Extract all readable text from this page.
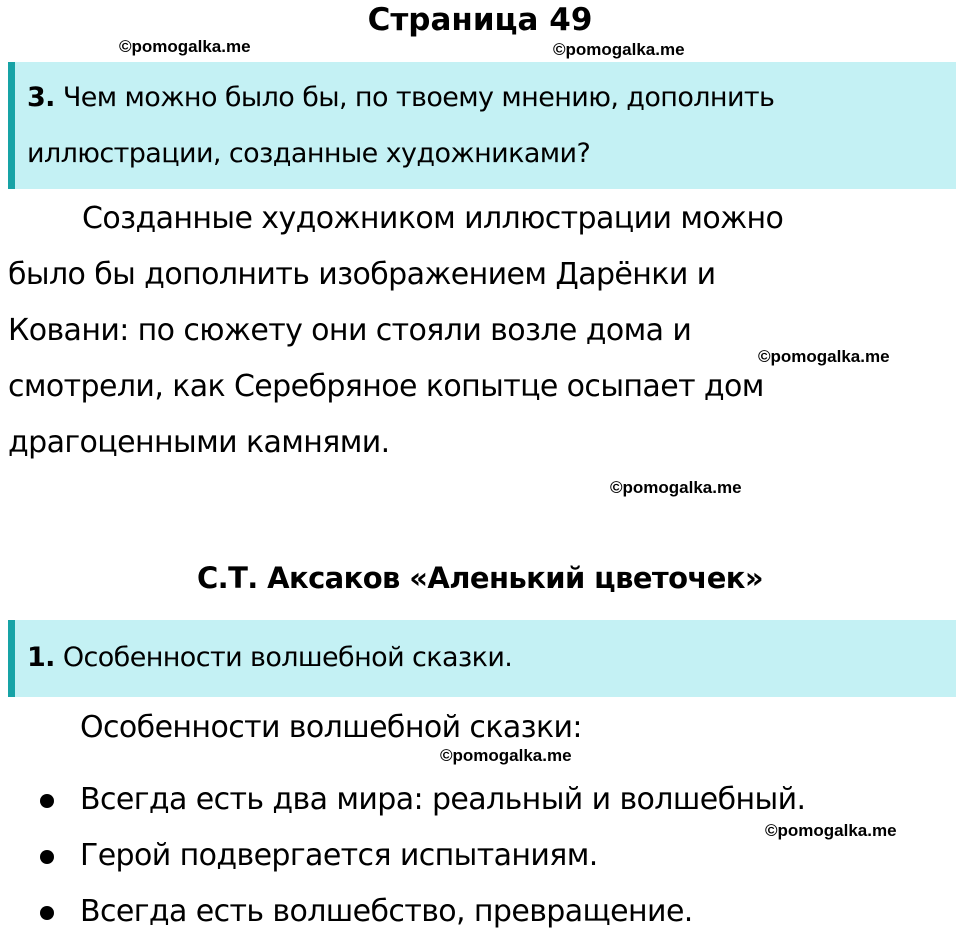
Страница 49
©pomogalka.me	©pomogalka.me
3. Чем можно было бы, по твоему мнению, дополнить
иллюстрации, созданные художниками?
Созданные художником иллюстрации можно
было бы дополнить изображением Дарёнки и
Ковани: по сюжету они стояли возле дома и
смотрели, как Серебряное копытце осыпает дом
драгоценными камнями.
©pomogalka.me
©pomogalka.me
С.Т. Аксаков «Аленький цветочек»
1. Особенности волшебной сказки.
Особенности волшебной сказки:
©pomogalka.me
Всегда есть два мира: реальный и волшебный.
Герой подвергается испытаниям.
Всегда есть волшебство, превращение.
©pomogalka.me
